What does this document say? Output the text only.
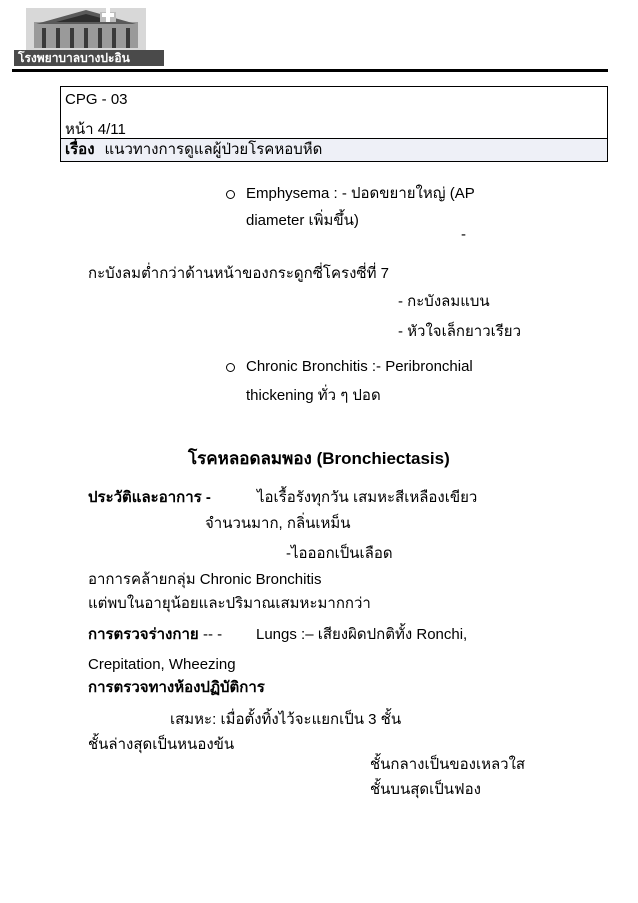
โรงพยาบาลบางปะอิน
CPG - 03
หน้า 4/11
เรื่อง แนวทางการดูแลผู้ป่วยโรคหอบหืด
Emphysema : - ปอดขยายใหญ่ (AP
diameter เพิ่มขึ้น)
-
กะบังลมต่ำกว่าด้านหน้าของกระดูกซี่โครงซี่ที่ 7
- กะบังลมแบน
- หัวใจเล็กยาวเรียว
Chronic Bronchitis :- Peribronchial
thickening ทั่ว ๆ ปอด
โรคหลอดลมพอง (Bronchiectasis)
ประวัติและอาการ -	ไอเรื้อรังทุกวัน เสมหะสีเหลืองเขียว
จำนวนมาก, กลิ่นเหม็น
-ไอออกเป็นเลือด
อาการคล้ายกลุ่ม Chronic Bronchitis
แต่พบในอายุน้อยและปริมาณเสมหะมากกว่า
การตรวจร่างกาย -- - Lungs :– เสียงผิดปกติทั้ง Ronchi,
Crepitation, Wheezing
การตรวจทางห้องปฏิบัติการ
เสมหะ: เมื่อตั้งทิ้งไว้จะแยกเป็น 3 ชั้น
ชั้นล่างสุดเป็นหนองข้น
ชั้นกลางเป็นของเหลวใส
ชั้นบนสุดเป็นฟอง
